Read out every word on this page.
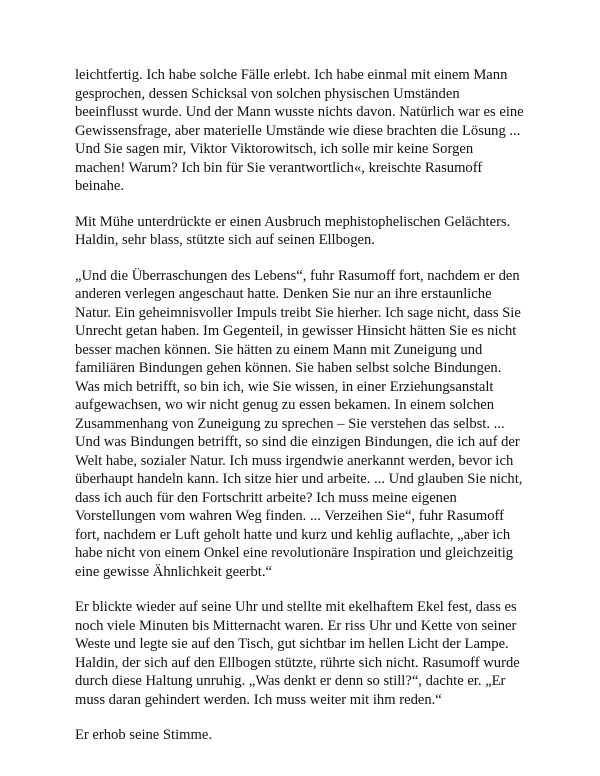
leichtfertig. Ich habe solche Fälle erlebt. Ich habe einmal mit einem Mann gesprochen, dessen Schicksal von solchen physischen Umständen beeinflusst wurde. Und der Mann wusste nichts davon. Natürlich war es eine Gewissensfrage, aber materielle Umstände wie diese brachten die Lösung ... Und Sie sagen mir, Viktor Viktorowitsch, ich solle mir keine Sorgen machen! Warum? Ich bin für Sie verantwortlich«, kreischte Rasumoff beinahe.

Mit Mühe unterdrückte er einen Ausbruch mephistophelischen Gelächters. Haldin, sehr blass, stützte sich auf seinen Ellbogen.

„Und die Überraschungen des Lebens“, fuhr Rasumoff fort, nachdem er den anderen verlegen angeschaut hatte. Denken Sie nur an ihre erstaunliche Natur. Ein geheimnisvoller Impuls treibt Sie hierher. Ich sage nicht, dass Sie Unrecht getan haben. Im Gegenteil, in gewisser Hinsicht hätten Sie es nicht besser machen können. Sie hätten zu einem Mann mit Zuneigung und familiären Bindungen gehen können. Sie haben selbst solche Bindungen. Was mich betrifft, so bin ich, wie Sie wissen, in einer Erziehungsanstalt aufgewachsen, wo wir nicht genug zu essen bekamen. In einem solchen Zusammenhang von Zuneigung zu sprechen – Sie verstehen das selbst. ... Und was Bindungen betrifft, so sind die einzigen Bindungen, die ich auf der Welt habe, sozialer Natur. Ich muss irgendwie anerkannt werden, bevor ich überhaupt handeln kann. Ich sitze hier und arbeite. ... Und glauben Sie nicht, dass ich auch für den Fortschritt arbeite? Ich muss meine eigenen Vorstellungen vom wahren Weg finden. ... Verzeihen Sie“, fuhr Rasumoff fort, nachdem er Luft geholt hatte und kurz und kehlig auflachte, „aber ich habe nicht von einem Onkel eine revolutionäre Inspiration und gleichzeitig eine gewisse Ähnlichkeit geerbt.“

Er blickte wieder auf seine Uhr und stellte mit ekelhaftem Ekel fest, dass es noch viele Minuten bis Mitternacht waren. Er riss Uhr und Kette von seiner Weste und legte sie auf den Tisch, gut sichtbar im hellen Licht der Lampe. Haldin, der sich auf den Ellbogen stützte, rührte sich nicht. Rasumoff wurde durch diese Haltung unruhig. „Was denkt er denn so still?“, dachte er. „Er muss daran gehindert werden. Ich muss weiter mit ihm reden.“

Er erhob seine Stimme.
